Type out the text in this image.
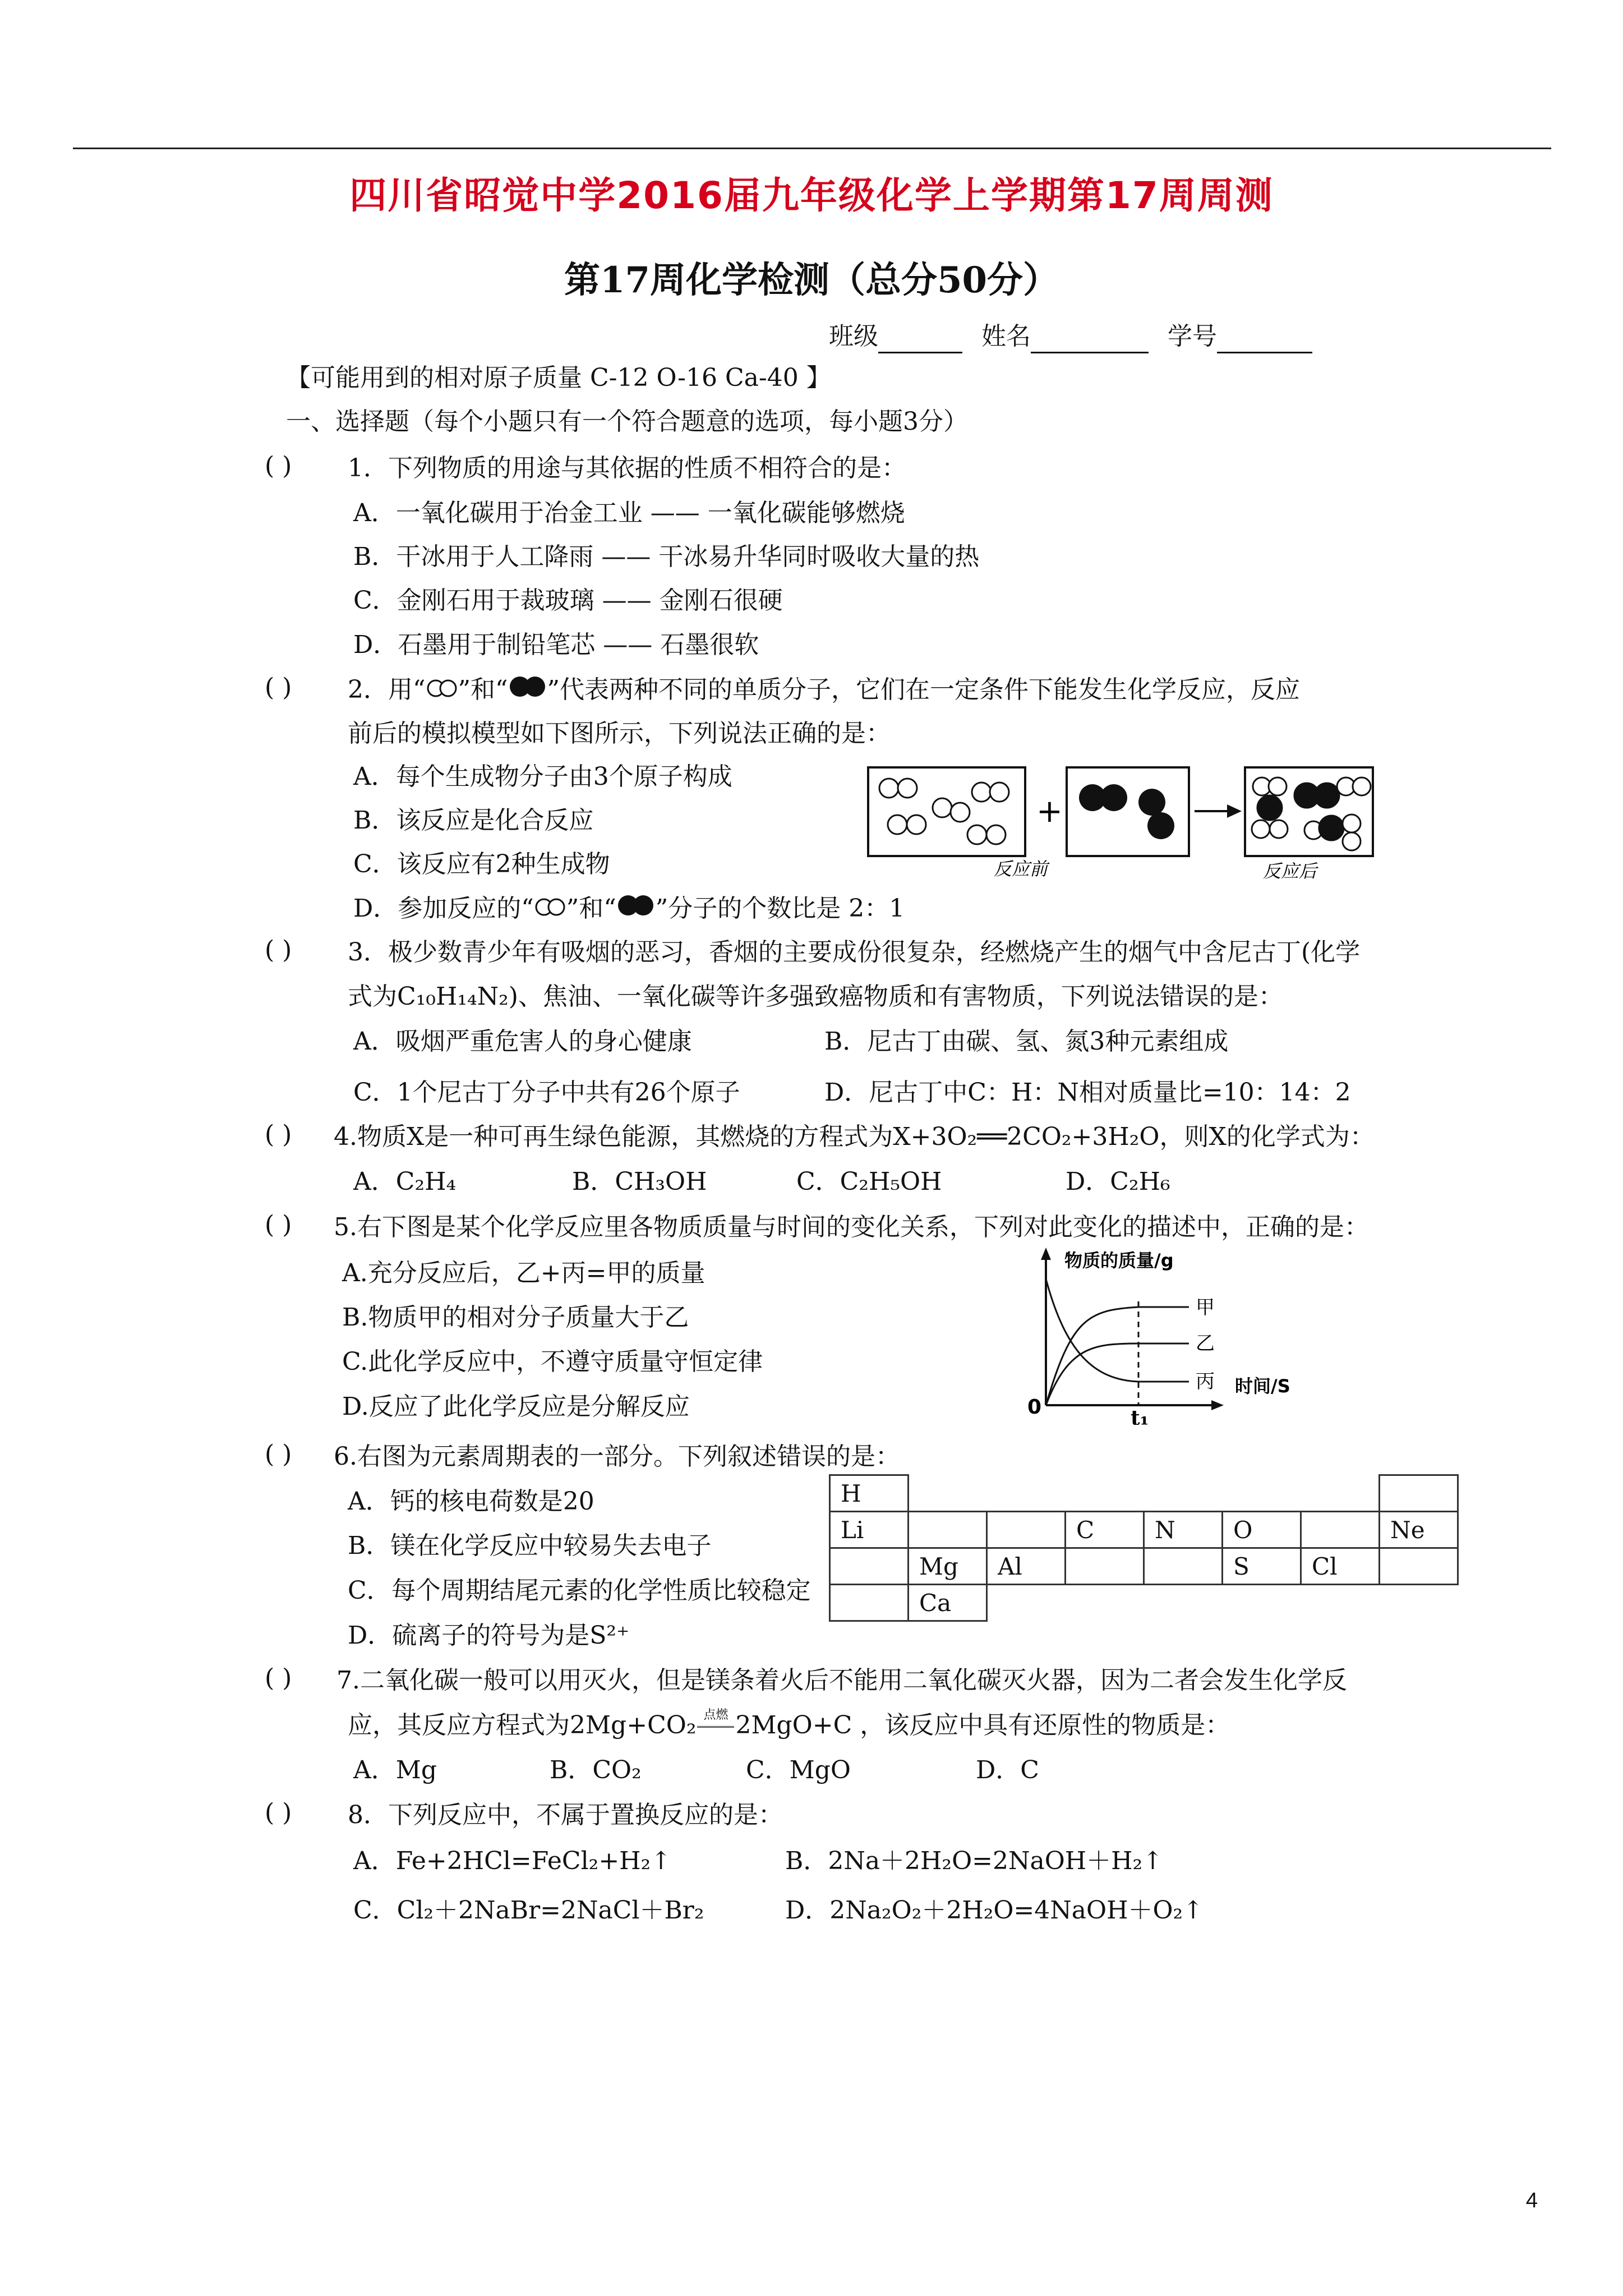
四川省昭觉中学2016届九年级化学上学期第17周周测
第17周化学检测（总分50分）
班级	姓名	学号
【可能用到的相对原子质量 C-12 O-16 Ca-40 】
一、选择题（每个小题只有一个符合题意的选项，每小题3分）
( ) 1．下列物质的用途与其依据的性质不相符合的是：
A．一氧化碳用于冶金工业 —— 一氧化碳能够燃烧
B．干冰用于人工降雨 —— 干冰易升华同时吸收大量的热
C．金刚石用于裁玻璃 —— 金刚石很硬
D．石墨用于制铅笔芯 —— 石墨很软
( ) 2．用“ ”和“ ”代表两种不同的单质分子，它们在一定条件下能发生化学反应，反应
前后的模拟模型如下图所示，下列说法正确的是：
A．每个生成物分子由3个原子构成
B．该反应是化合反应
C．该反应有2种生成物
D．参加反应的“ ”和“ ”分子的个数比是 2：1
反应前
+
反应后
( ) 3．极少数青少年有吸烟的恶习，香烟的主要成份很复杂，经燃烧产生的烟气中含尼古丁(化学
式为C₁₀H₁₄N₂)、焦油、一氧化碳等许多强致癌物质和有害物质，下列说法错误的是：
A．吸烟严重危害人的身心健康	B．尼古丁由碳、氢、氮3种元素组成
C．1个尼古丁分子中共有26个原子	D．尼古丁中C：H：N相对质量比=10：14：2
( ) 4.物质X是一种可再生绿色能源，其燃烧的方程式为X+3O₂══2CO₂+3H₂O，则X的化学式为：
A．C₂H₄	B．CH₃OH	C．C₂H₅OH	D．C₂H₆
( ) 5.右下图是某个化学反应里各物质质量与时间的变化关系，下列对此变化的描述中，正确的是：
A.充分反应后，乙+丙=甲的质量
B.物质甲的相对分子质量大于乙
C.此化学反应中，不遵守质量守恒定律
D.反应了此化学反应是分解反应
物质的质量/g
时间/S
0	t₁
甲
乙
丙
( ) 6.右图为元素周期表的一部分。下列叙述错误的是：
A．钙的核电荷数是20
B．镁在化学反应中较易失去电子
C．每个周期结尾元素的化学性质比较稳定
D．硫离子的符号为是S²⁺
H							
Li			C	N	O		Ne
	Mg	Al			S	Cl	
	Ca						
( ) 7.二氧化碳一般可以用灭火，但是镁条着火后不能用二氧化碳灭火器，因为二者会发生化学反
应，其反应方程式为2Mg+CO₂ 点燃 2MgO+C ，该反应中具有还原性的物质是：
A．Mg	B．CO₂	C．MgO	D．C
( ) 8．下列反应中，不属于置换反应的是：
A．Fe+2HCl=FeCl₂+H₂↑	B．2Na＋2H₂O=2NaOH＋H₂↑
C．Cl₂＋2NaBr=2NaCl＋Br₂	D．2Na₂O₂＋2H₂O=4NaOH＋O₂↑
4
